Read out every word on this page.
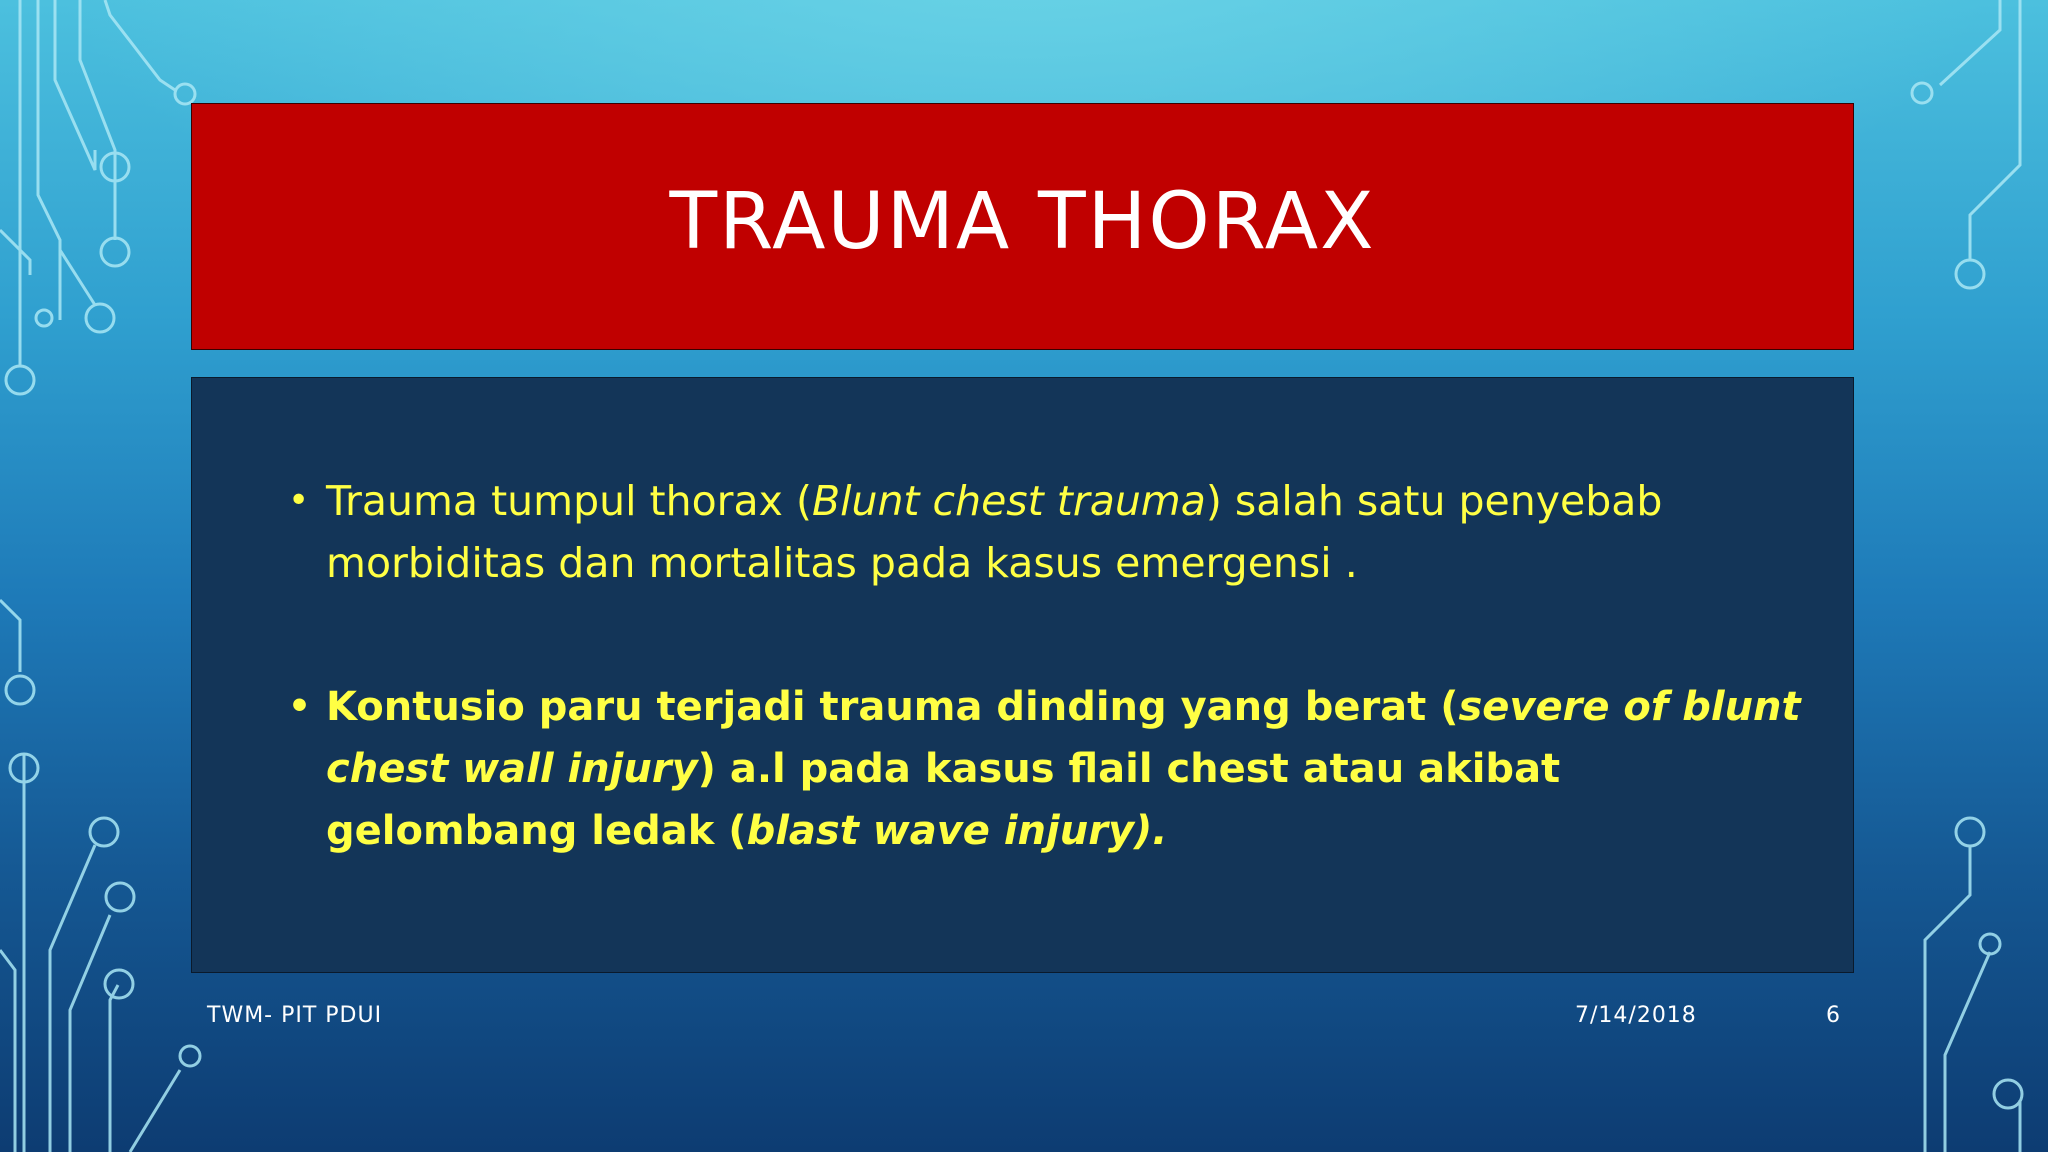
TRAUMA THORAX
• Trauma tumpul thorax (Blunt chest trauma) salah satu penyebab morbiditas dan mortalitas pada kasus emergensi .
• Kontusio paru terjadi trauma dinding yang berat (severe of blunt chest wall injury) a.l pada kasus flail chest atau akibat gelombang ledak (blast wave injury).
TWM- PIT PDUI	7/14/2018	6
